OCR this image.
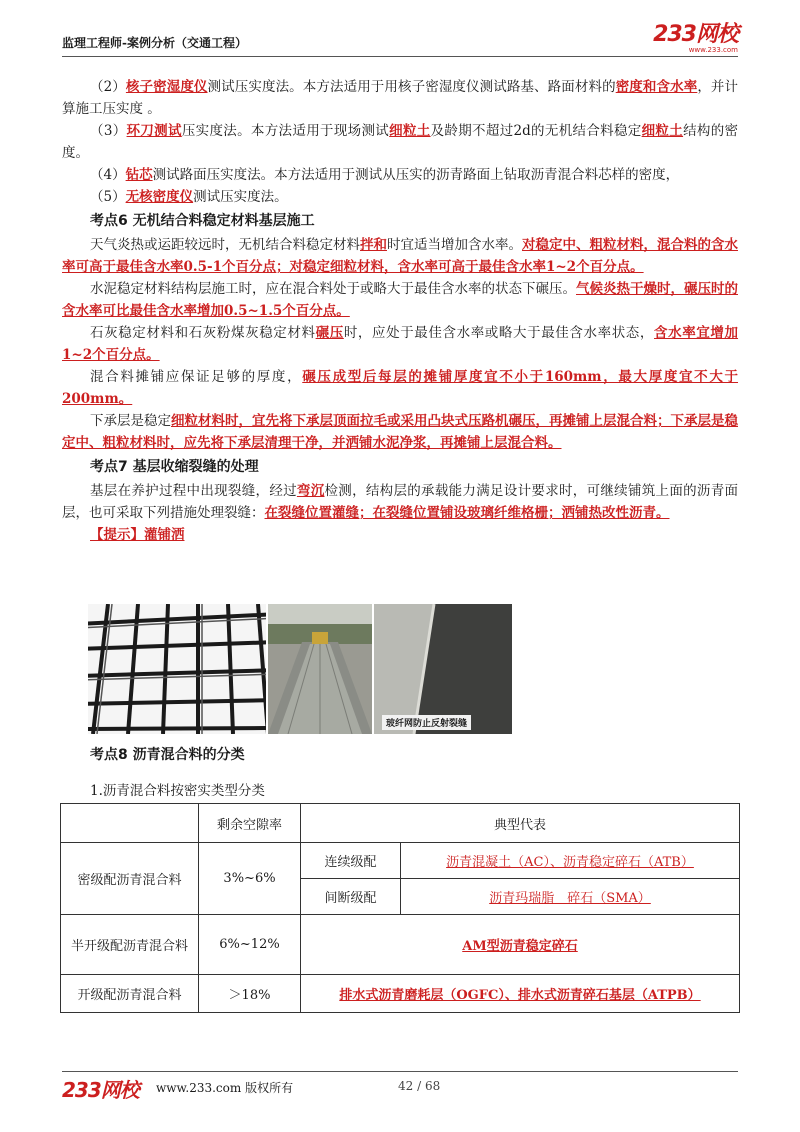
监理工程师-案例分析（交通工程）	233网校
www.233.com

（2）核子密湿度仪测试压实度法。本方法适用于用核子密湿度仪测试路基、路面材料的密度和含水率，并计算施工压实度 。

（3）环刀测试压实度法。本方法适用于现场测试细粒土及龄期不超过2d的无机结合料稳定细粒土结构的密度。

（4）钻芯测试路面压实度法。本方法适用于测试从压实的沥青路面上钻取沥青混合料芯样的密度，

（5）无核密度仪测试压实度法。

考点6 无机结合料稳定材料基层施工

天气炎热或运距较远时，无机结合料稳定材料拌和时宜适当增加含水率。对稳定中、粗粒材料，混合料的含水率可高于最佳含水率0.5-1个百分点；对稳定细粒材料，含水率可高于最佳含水率1~2个百分点。

水泥稳定材料结构层施工时，应在混合料处于或略大于最佳含水率的状态下碾压。气候炎热干燥时，碾压时的含水率可比最佳含水率增加0.5~1.5个百分点。

石灰稳定材料和石灰粉煤灰稳定材料碾压时，应处于最佳含水率或略大于最佳含水率状态，含水率宜增加1~2个百分点。

混合料摊铺应保证足够的厚度，碾压成型后每层的摊铺厚度宜不小于160mm，最大厚度宜不大于200mm。

下承层是稳定细粒材料时，宜先将下承层顶面拉毛或采用凸块式压路机碾压，再摊铺上层混合料；下承层是稳定中、粗粒材料时，应先将下承层清理干净，并洒铺水泥净浆，再摊铺上层混合料。

考点7 基层收缩裂缝的处理

基层在养护过程中出现裂缝，经过弯沉检测，结构层的承载能力满足设计要求时，可继续铺筑上面的沥青面层，也可采取下列措施处理裂缝：在裂缝位置灌缝；在裂缝位置铺设玻璃纤维格栅；洒铺热改性沥青。

【提示】灌铺洒

玻纤网防止反射裂缝

考点8 沥青混合料的分类

1.沥青混合料按密实类型分类

	剩余空隙率	典型代表	
密级配沥青混合料	3%~6%	连续级配	沥青混凝土（AC）、沥青稳定碎石（ATB）
		间断级配	沥青玛瑞脂　碎石（SMA）
半开级配沥青混合料	6%~12%	AM型沥青稳定碎石	
开级配沥青混合料	＞18%	排水式沥青磨耗层（OGFC）、排水式沥青碎石基层（ATPB）	
233网校 www.233.com 版权所有	42 / 68
